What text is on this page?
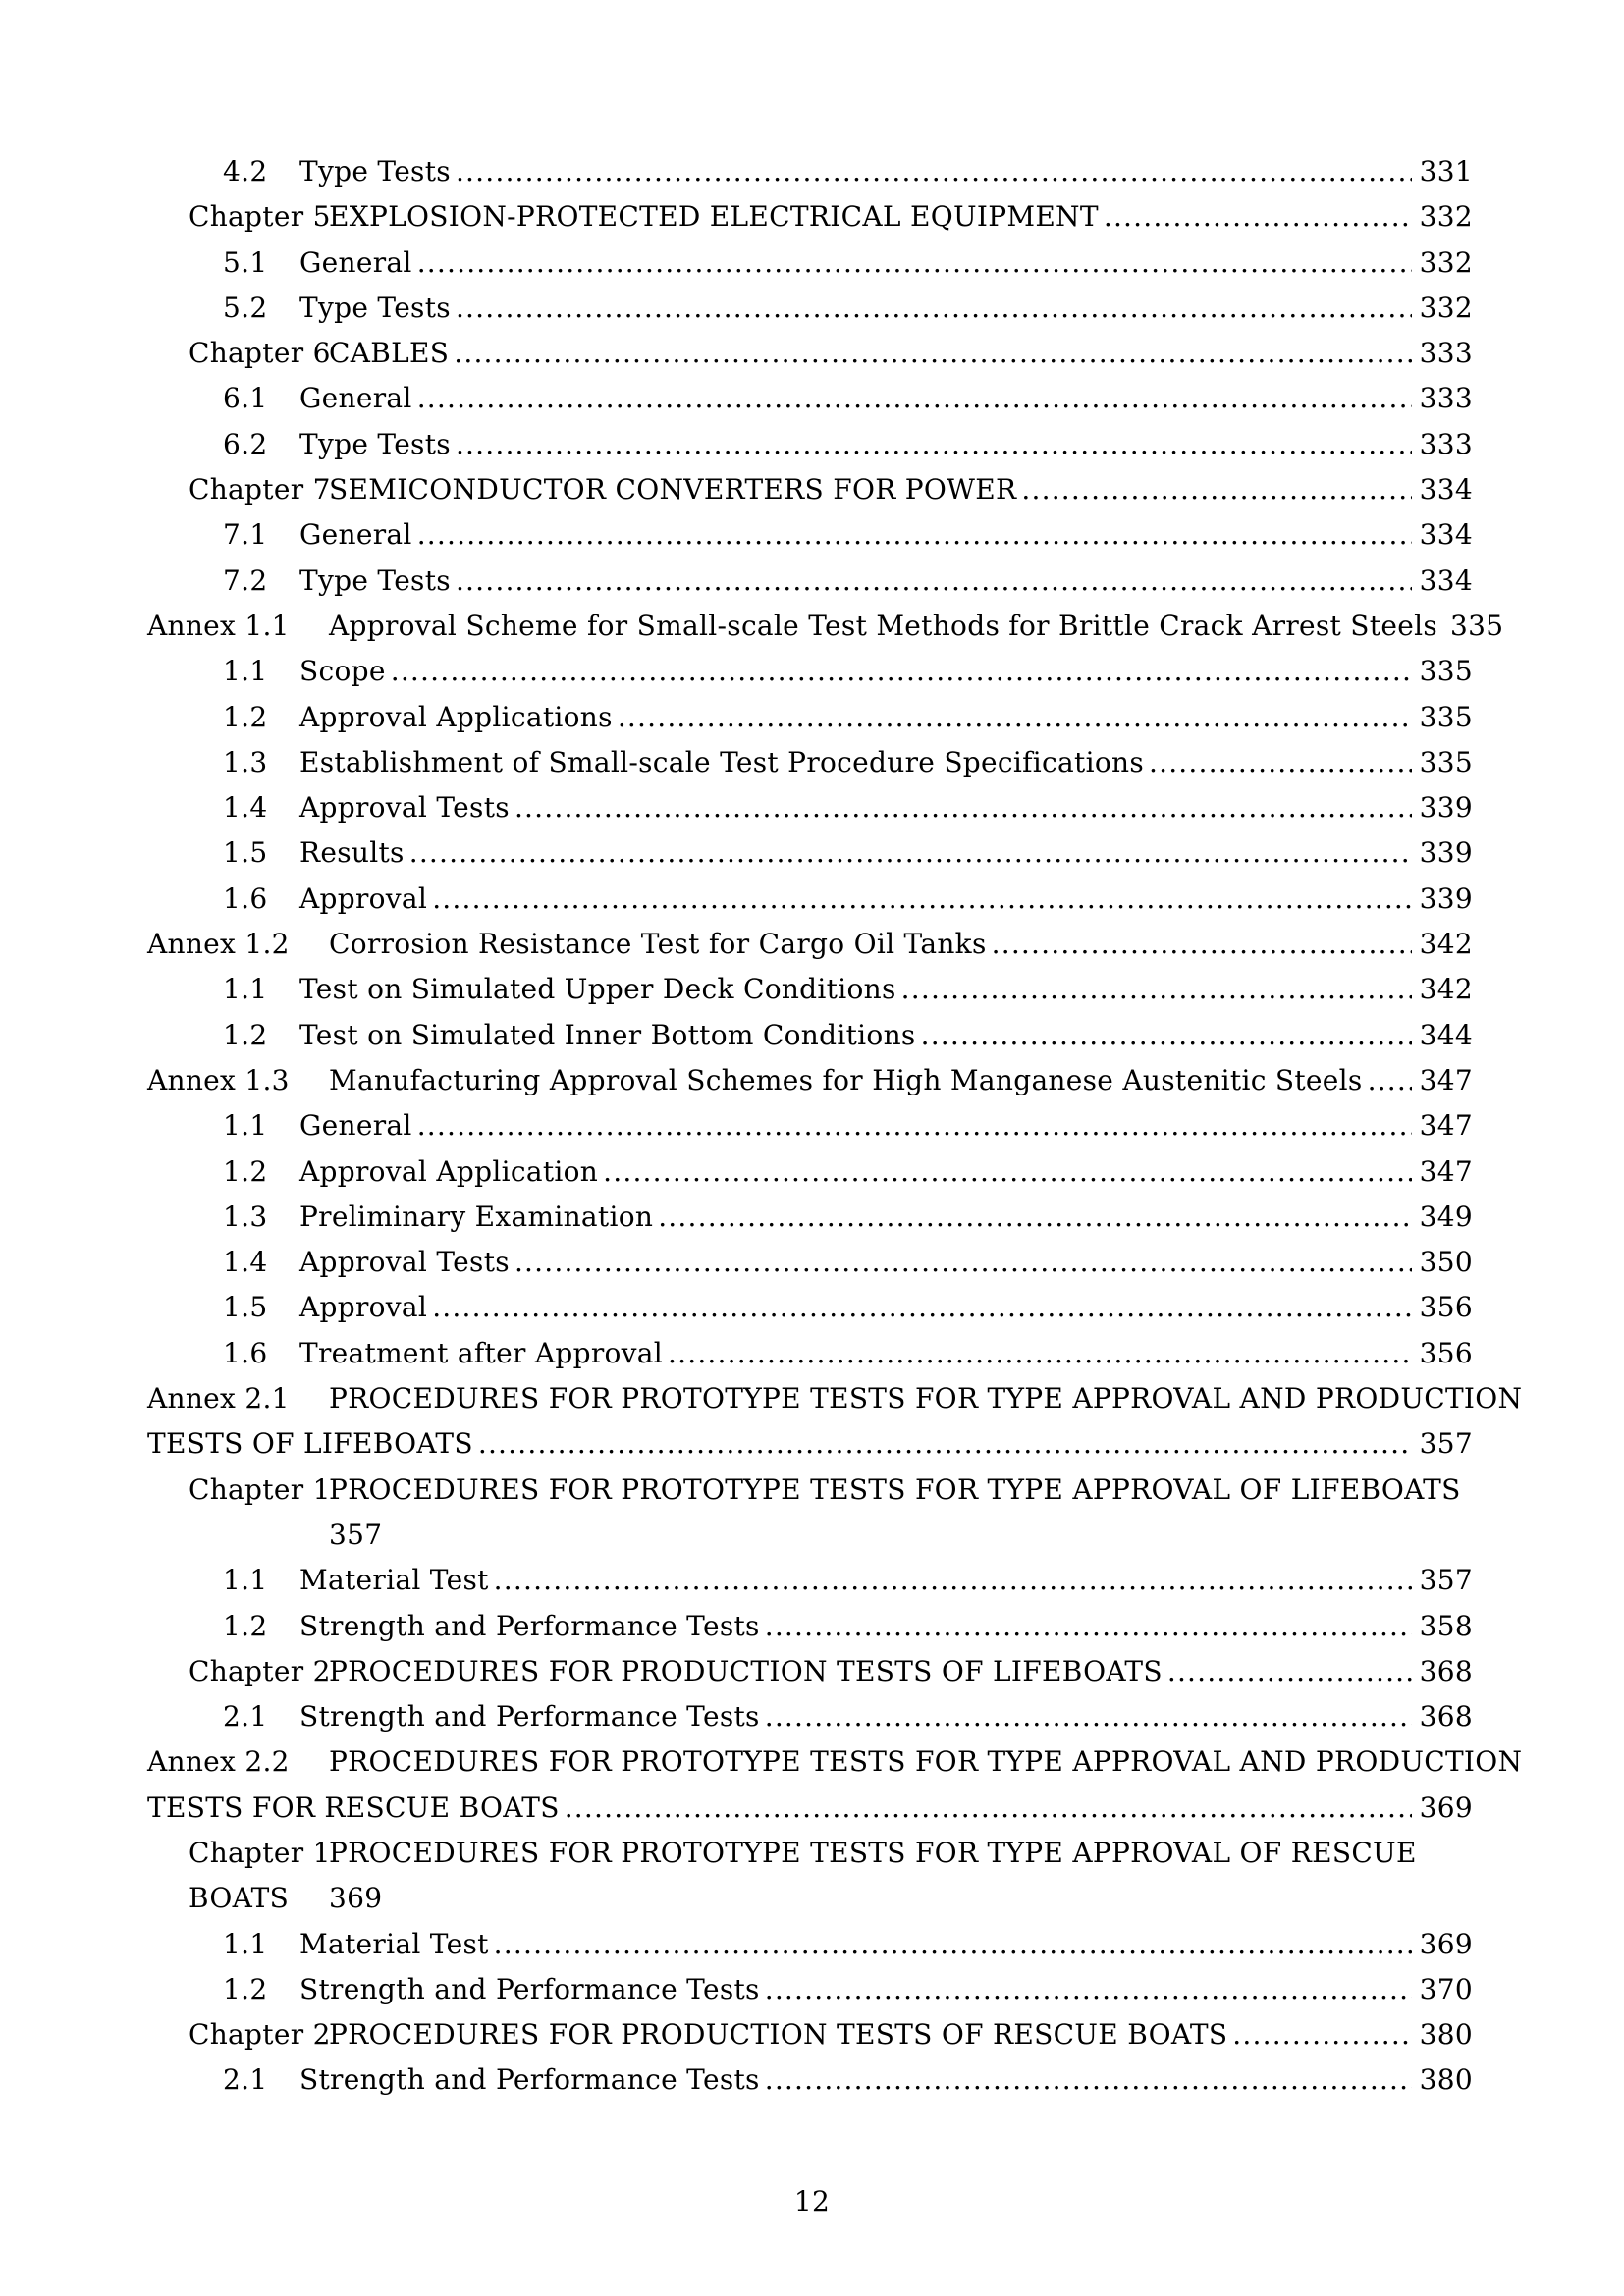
4.2	Type Tests .....	331
Chapter 5
EXPLOSION-PROTECTED ELECTRICAL EQUIPMENT .....	332
5.1	General .....	332
5.2	Type Tests .....	332
Chapter 6
CABLES .....	333
6.1	General .....	333
6.2	Type Tests .....	333
Chapter 7
SEMICONDUCTOR CONVERTERS FOR POWER .....	334
7.1	General .....	334
7.2	Type Tests .....	334
Annex 1.1	Approval Scheme for Small-scale Test Methods for Brittle Crack Arrest Steels 335
1.1	Scope .....	335
1.2	Approval Applications .....	335
1.3	Establishment of Small-scale Test Procedure Specifications .....	335
1.4	Approval Tests .....	339
1.5	Results .....	339
1.6	Approval .....	339
Annex 1.2	Corrosion Resistance Test for Cargo Oil Tanks .....	342
1.1	Test on Simulated Upper Deck Conditions .....	342
1.2	Test on Simulated Inner Bottom Conditions .....	344
Annex 1.3	Manufacturing Approval Schemes for High Manganese Austenitic Steels ..... 347
1.1	General .....	347
1.2	Approval Application .....	347
1.3	Preliminary Examination .....	349
1.4	Approval Tests .....	350
1.5	Approval .....	356
1.6	Treatment after Approval .....	356
Annex 2.1	PROCEDURES FOR PROTOTYPE TESTS FOR TYPE APPROVAL AND PRODUCTION
TESTS OF LIFEBOATS .....	357
Chapter 1
PROCEDURES FOR PROTOTYPE TESTS FOR TYPE APPROVAL OF LIFEBOATS
357
1.1	Material Test .....	357
1.2	Strength and Performance Tests .....	358
Chapter 2
PROCEDURES FOR PRODUCTION TESTS OF LIFEBOATS .....	368
2.1	Strength and Performance Tests .....	368
Annex 2.2	PROCEDURES FOR PROTOTYPE TESTS FOR TYPE APPROVAL AND PRODUCTION
TESTS FOR RESCUE BOATS .....	369
Chapter 1
PROCEDURES FOR PROTOTYPE TESTS FOR TYPE APPROVAL OF RESCUE
BOATS	369
1.1	Material Test .....	369
1.2	Strength and Performance Tests .....	370
Chapter 2
PROCEDURES FOR PRODUCTION TESTS OF RESCUE BOATS .....	380
2.1	Strength and Performance Tests .....	380
12
